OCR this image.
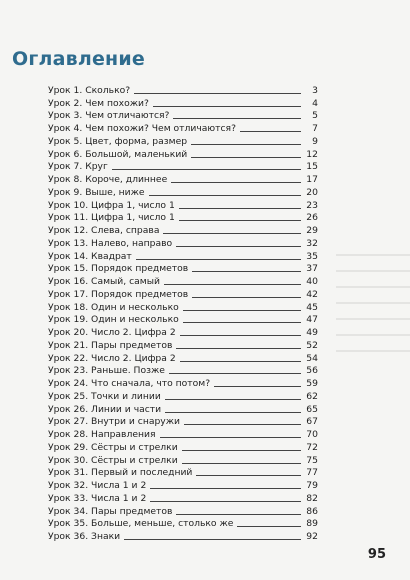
Оглавление
Урок 1. Сколько?	3
Урок 2. Чем похожи?	4
Урок 3. Чем отличаются?	5
Урок 4. Чем похожи? Чем отличаются?	7
Урок 5. Цвет, форма, размер	9
Урок 6. Большой, маленький	12
Урок 7. Круг	15
Урок 8. Короче, длиннее	17
Урок 9. Выше, ниже	20
Урок 10. Цифра 1, число 1	23
Урок 11. Цифра 1, число 1	26
Урок 12. Слева, справа	29
Урок 13. Налево, направо	32
Урок 14. Квадрат	35
Урок 15. Порядок предметов	37
Урок 16. Самый, самый	40
Урок 17. Порядок предметов	42
Урок 18. Один и несколько	45
Урок 19. Один и несколько	47
Урок 20. Число 2. Цифра 2	49
Урок 21. Пары предметов	52
Урок 22. Число 2. Цифра 2	54
Урок 23. Раньше. Позже	56
Урок 24. Что сначала, что потом?	59
Урок 25. Точки и линии	62
Урок 26. Линии и части	65
Урок 27. Внутри и снаружи	67
Урок 28. Направления	70
Урок 29. Сёстры и стрелки	72
Урок 30. Сёстры и стрелки	75
Урок 31. Первый и последний	77
Урок 32. Числа 1 и 2	79
Урок 33. Числа 1 и 2	82
Урок 34. Пары предметов	86
Урок 35. Больше, меньше, столько же	89
Урок 36. Знаки	92
95
